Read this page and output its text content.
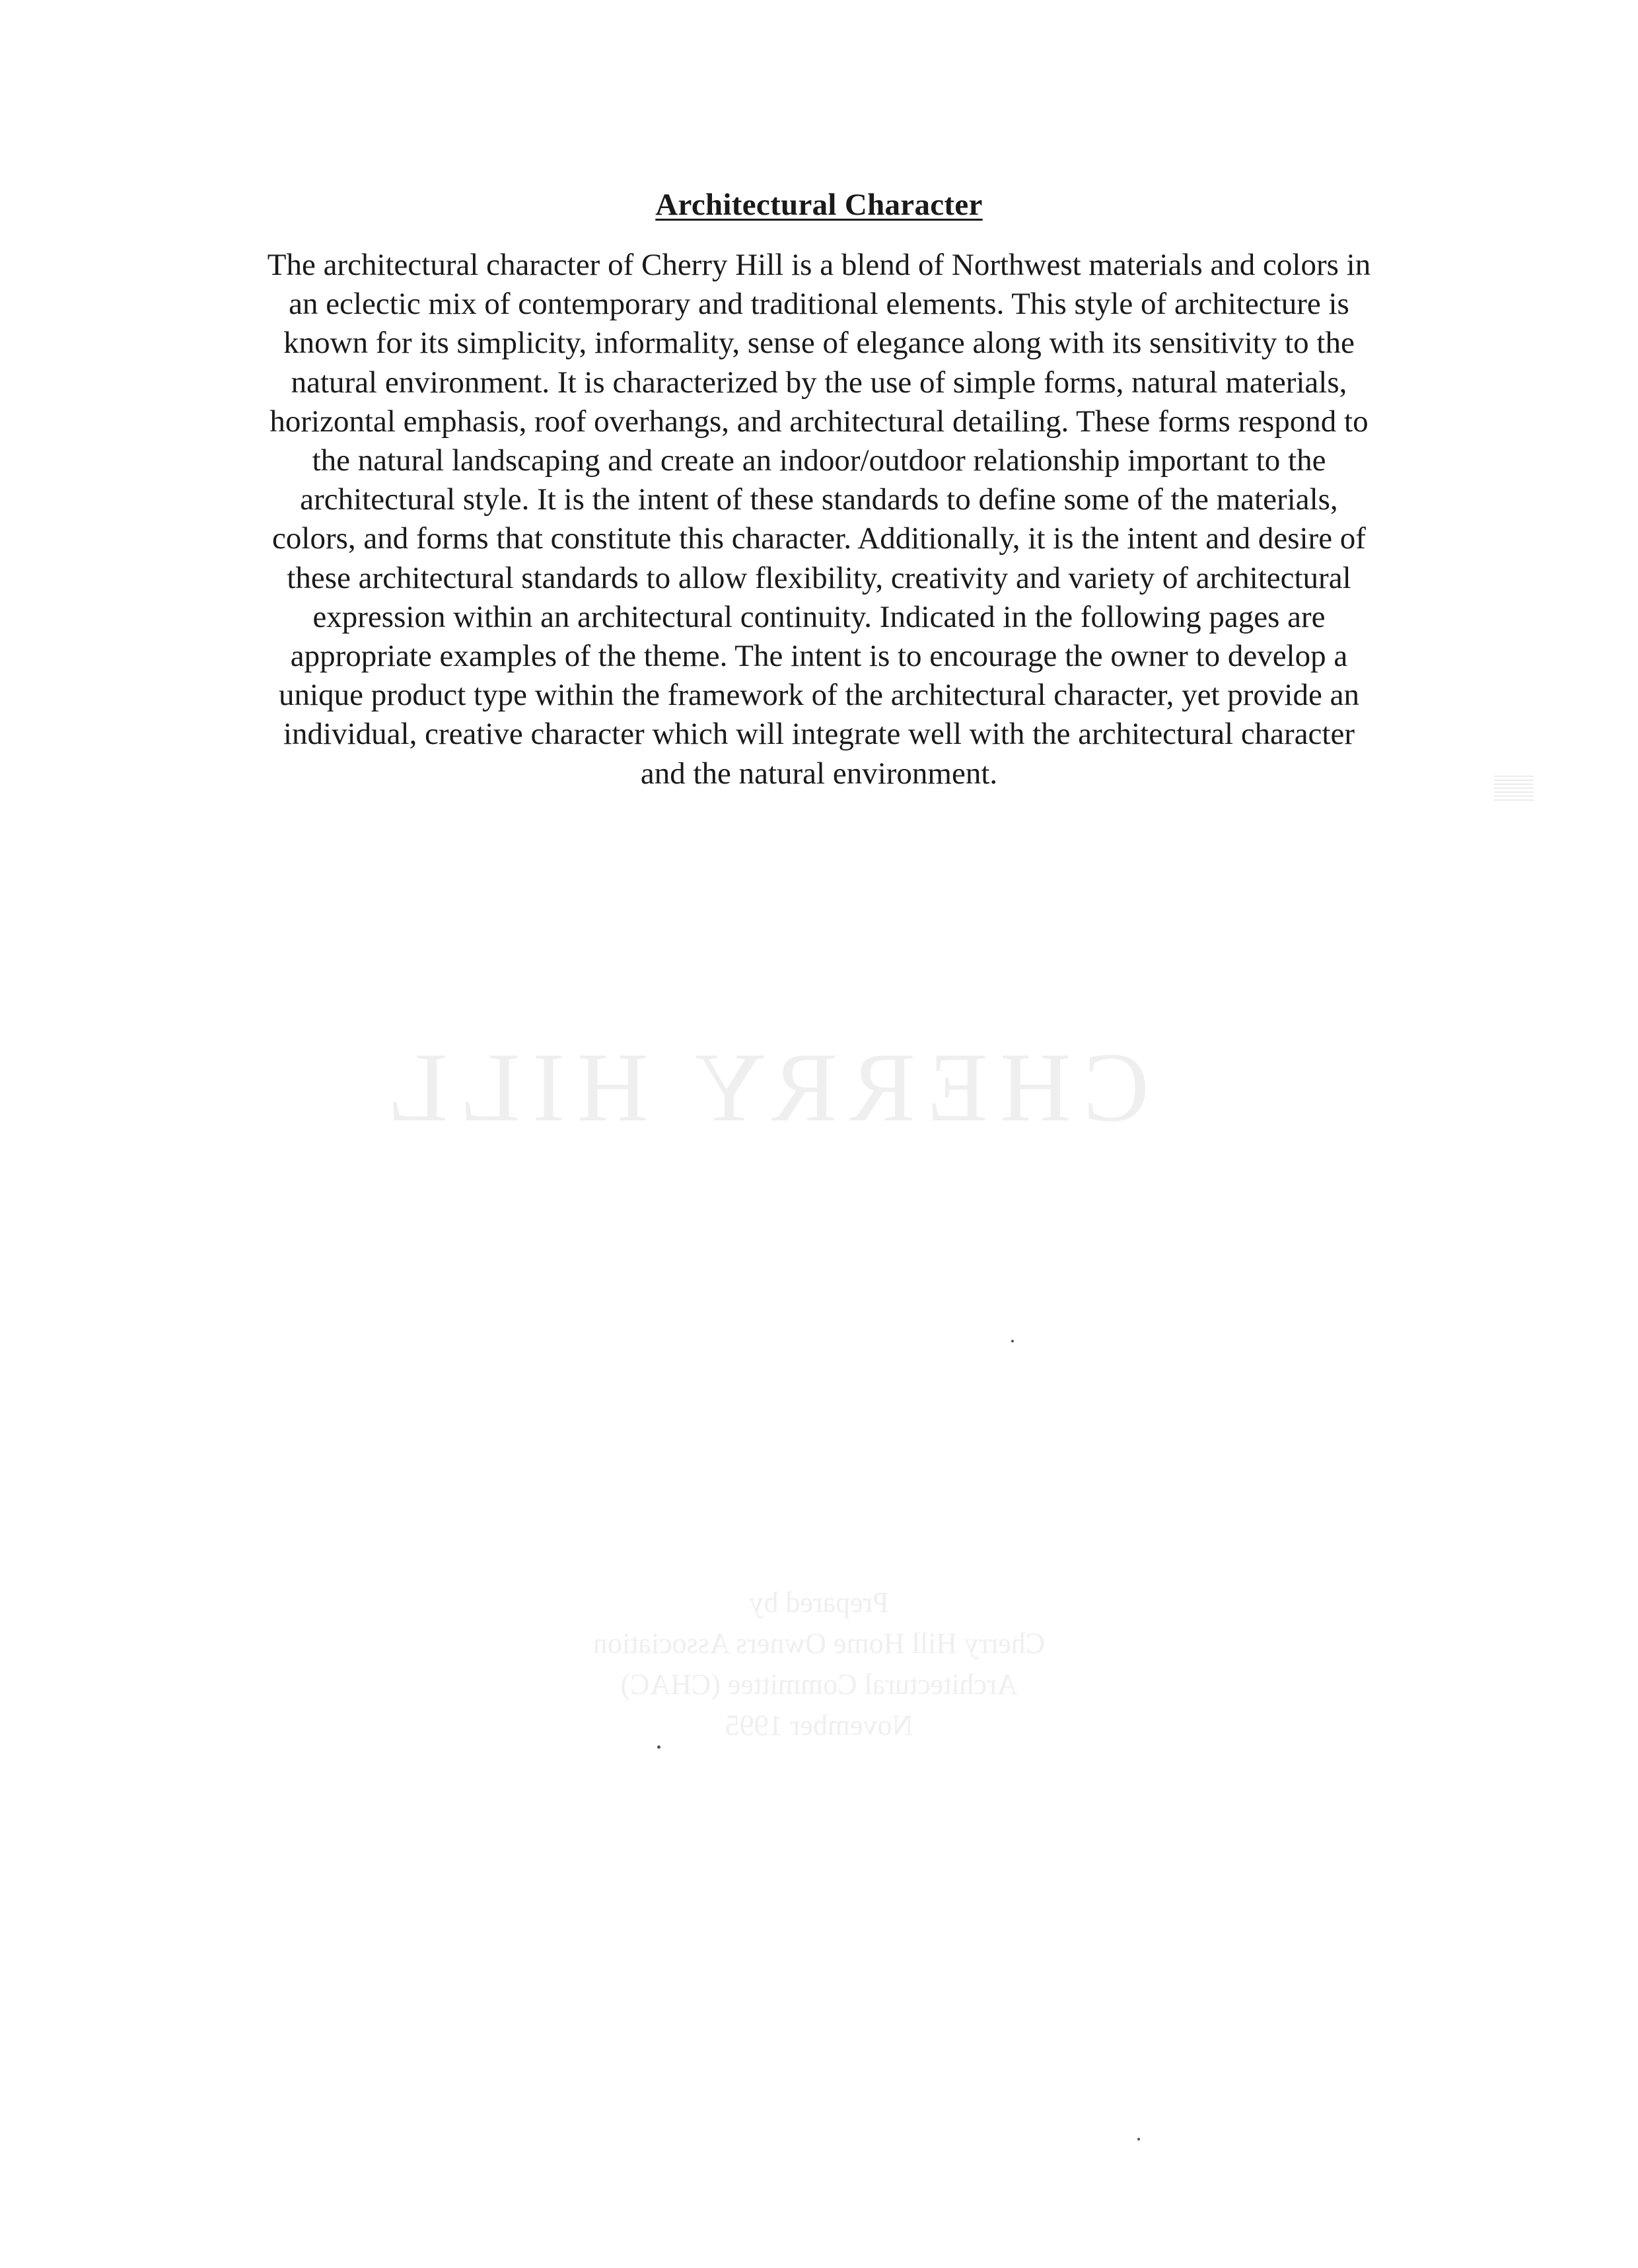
CHERRY HILL
Prepared by
Cherry Hill Home Owners Association
Architectural Committee (CHAC)
November 1995
Architectural Character

The architectural character of Cherry Hill is a blend of Northwest materials and colors in
an eclectic mix of contemporary and traditional elements. This style of architecture is
known for its simplicity, informality, sense of elegance along with its sensitivity to the
natural environment. It is characterized by the use of simple forms, natural materials,
horizontal emphasis, roof overhangs, and architectural detailing. These forms respond to
the natural landscaping and create an indoor/outdoor relationship important to the
architectural style. It is the intent of these standards to define some of the materials,
colors, and forms that constitute this character. Additionally, it is the intent and desire of
these architectural standards to allow flexibility, creativity and variety of architectural
expression within an architectural continuity. Indicated in the following pages are
appropriate examples of the theme. The intent is to encourage the owner to develop a
unique product type within the framework of the architectural character, yet provide an
individual, creative character which will integrate well with the architectural character
and the natural environment.
